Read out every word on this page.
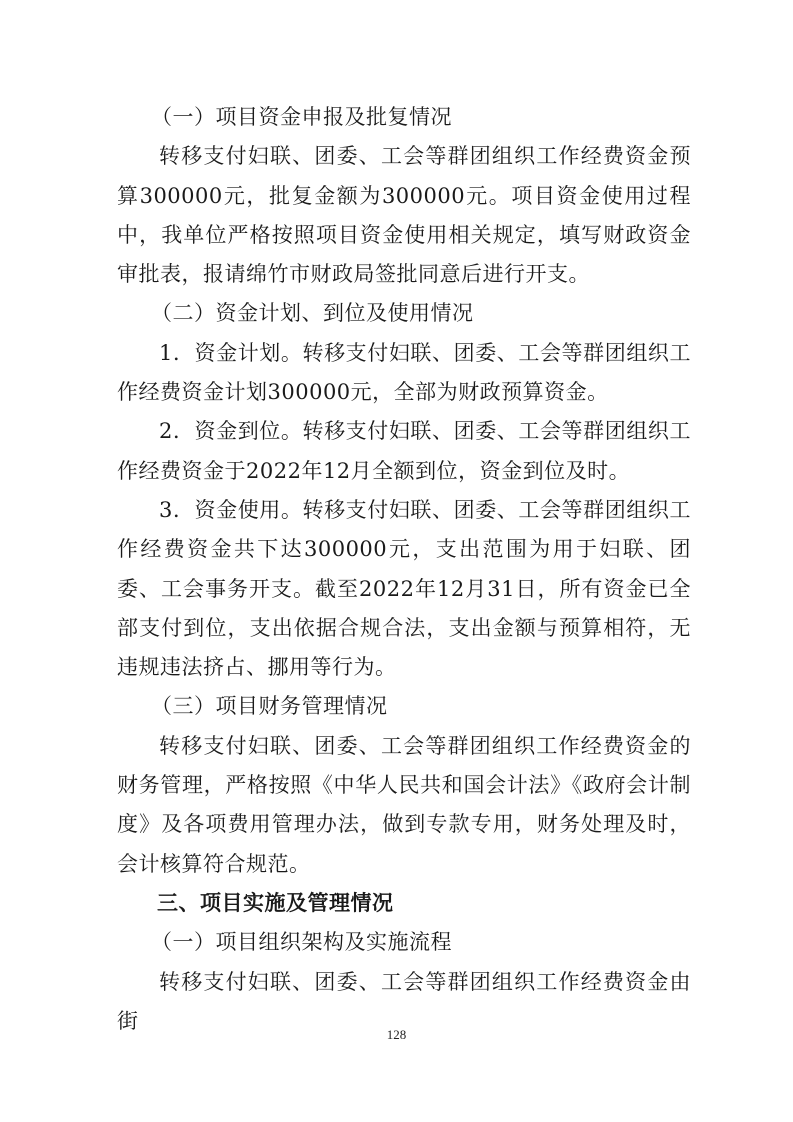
（一）项目资金申报及批复情况

转移支付妇联、团委、工会等群团组织工作经费资金预算300000元，批复金额为300000元。项目资金使用过程中，我单位严格按照项目资金使用相关规定，填写财政资金审批表，报请绵竹市财政局签批同意后进行开支。

（二）资金计划、到位及使用情况

1．资金计划。转移支付妇联、团委、工会等群团组织工作经费资金计划300000元，全部为财政预算资金。

2．资金到位。转移支付妇联、团委、工会等群团组织工作经费资金于2022年12月全额到位，资金到位及时。

3．资金使用。转移支付妇联、团委、工会等群团组织工作经费资金共下达300000元，支出范围为用于妇联、团委、工会事务开支。截至2022年12月31日，所有资金已全部支付到位，支出依据合规合法，支出金额与预算相符，无违规违法挤占、挪用等行为。

（三）项目财务管理情况

转移支付妇联、团委、工会等群团组织工作经费资金的财务管理，严格按照《中华人民共和国会计法》《政府会计制度》及各项费用管理办法，做到专款专用，财务处理及时，会计核算符合规范。

三、项目实施及管理情况
（一）项目组织架构及实施流程

转移支付妇联、团委、工会等群团组织工作经费资金由街

128
